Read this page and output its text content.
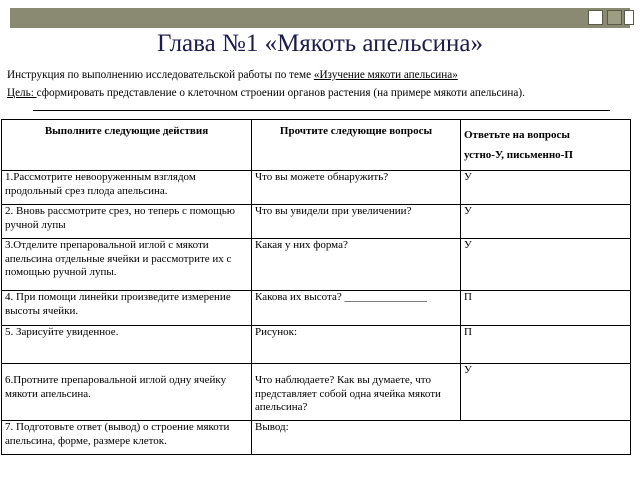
Глава №1 «Мякоть апельсина»
Инструкция по выполнению исследовательской работы по теме «Изучение мякоти апельсина»
Цель: сформировать представление о клеточном строении органов растения (на примере мякоти апельсина).
Выполните следующие действия	Прочтите следующие вопросы	Ответьте на вопросы
устно-У, письменно-П

1.Рассмотрите невооруженным взглядом продольный срез плода апельсина.	Что вы можете обнаружить?	У
2. Вновь рассмотрите срез, но теперь с помощью ручной лупы	Что вы увидели при увеличении?	У
3.Отделите препаровальной иглой с мякоти апельсина отдельные ячейки и рассмотрите их с помощью ручной лупы.	Какая у них форма?	У
4. При помощи линейки произведите измерение высоты ячейки.	Какова их высота? _______________	П
5. Зарисуйте увиденное.	Рисунок:	П
6.Протните препаровальной иглой одну ячейку мякоти апельсина.	Что наблюдаете? Как вы думаете, что представляет собой одна ячейка мякоти апельсина?	У
7. Подготовьте ответ (вывод) о строение мякоти апельсина, форме, размере клеток.	Вывод:	
